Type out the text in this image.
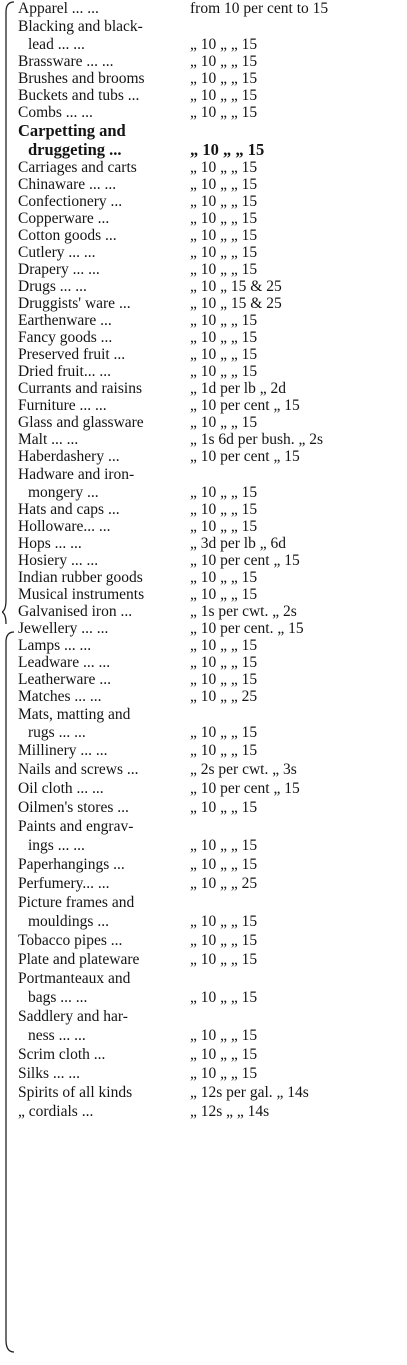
Apparel ... ...	from 10 per cent to 15
Blacking and black-
lead ... ...	„ 10 „ „ 15
Brassware ... ...	„ 10 „ „ 15
Brushes and brooms	„ 10 „ „ 15
Buckets and tubs ...	„ 10 „ „ 15
Combs ... ...	„ 10 „ „ 15
Carpetting and
druggeting ...	„ 10 „ „ 15
Carriages and carts	„ 10 „ „ 15
Chinaware ... ...	„ 10 „ „ 15
Confectionery ...	„ 10 „ „ 15
Copperware ...	„ 10 „ „ 15
Cotton goods ...	„ 10 „ „ 15
Cutlery ... ...	„ 10 „ „ 15
Drapery ... ...	„ 10 „ „ 15
Drugs ... ...	„ 10 „ 15 & 25
Druggists' ware ...	„ 10 „ 15 & 25
Earthenware ...	„ 10 „ „ 15
Fancy goods ...	„ 10 „ „ 15
Preserved fruit ...	„ 10 „ „ 15
Dried fruit... ...	„ 10 „ „ 15
Currants and raisins	„ 1d per lb „ 2d
Furniture ... ...	„ 10 per cent „ 15
Glass and glassware	„ 10 „ „ 15
Malt ... ...	„ 1s 6d per bush. „ 2s
Haberdashery ...	„ 10 per cent „ 15
Hadware and iron-
mongery ...	„ 10 „ „ 15
Hats and caps ...	„ 10 „ „ 15
Holloware... ...	„ 10 „ „ 15
Hops ... ...	„ 3d per lb „ 6d
Hosiery ... ...	„ 10 per cent „ 15
Indian rubber goods	„ 10 „ „ 15
Musical instruments	„ 10 „ „ 15
Galvanised iron ...	„ 1s per cwt. „ 2s
Jewellery ... ...	„ 10 per cent. „ 15
Lamps ... ...	„ 10 „ „ 15
Leadware ... ...	„ 10 „ „ 15
Leatherware ...	„ 10 „ „ 15
Matches ... ...	„ 10 „ „ 25
Mats, matting and
rugs ... ...	„ 10 „ „ 15
Millinery ... ...	„ 10 „ „ 15
Nails and screws ...	„ 2s per cwt. „ 3s
Oil cloth ... ...	„ 10 per cent „ 15
Oilmen's stores ...	„ 10 „ „ 15
Paints and engrav-
ings ... ...	„ 10 „ „ 15
Paperhangings ...	„ 10 „ „ 15
Perfumery... ...	„ 10 „ „ 25
Picture frames and
mouldings ...	„ 10 „ „ 15
Tobacco pipes ...	„ 10 „ „ 15
Plate and plateware	„ 10 „ „ 15
Portmanteaux and
bags ... ...	„ 10 „ „ 15
Saddlery and har-
ness ... ...	„ 10 „ „ 15
Scrim cloth ...	„ 10 „ „ 15
Silks ... ...	„ 10 „ „ 15
Spirits of all kinds	„ 12s per gal. „ 14s
„ cordials ...	„ 12s „ „ 14s
